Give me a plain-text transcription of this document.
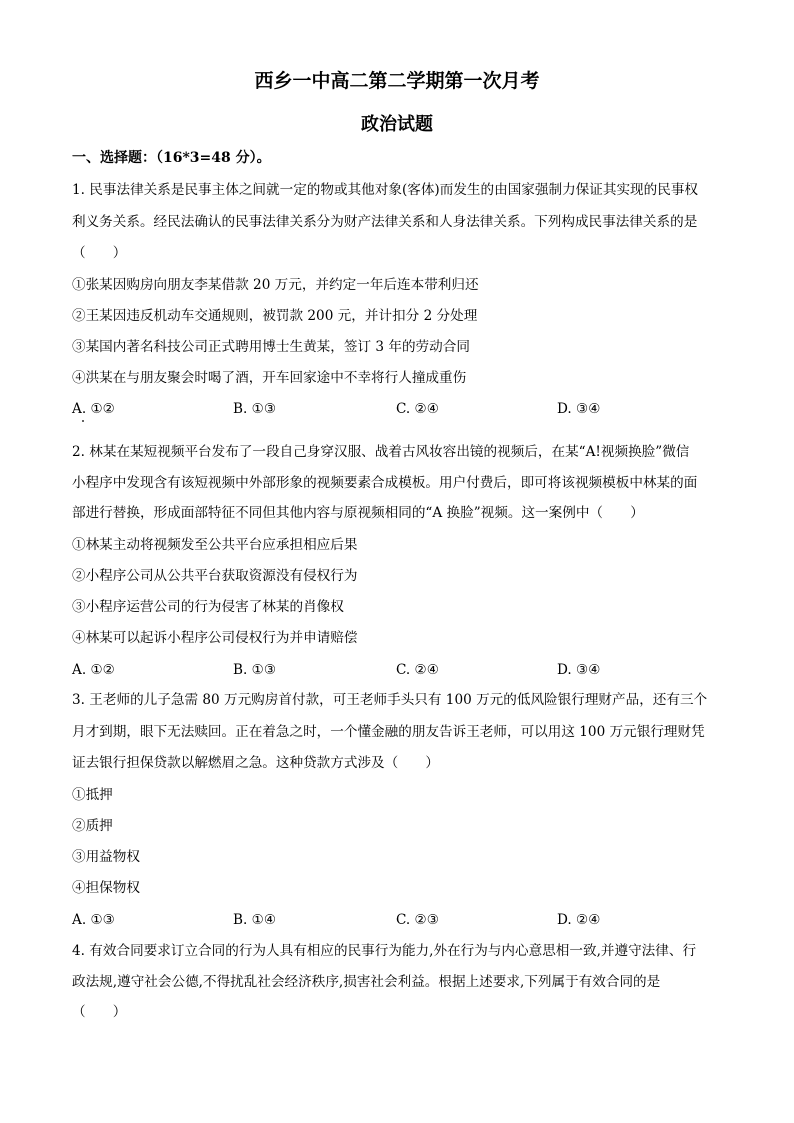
西乡一中高二第二学期第一次月考
政治试题
一、选择题：（16*3=48 分）。
1. 民事法律关系是民事主体之间就一定的物或其他对象(客体)而发生的由国家强制力保证其实现的民事权
利义务关系。经民法确认的民事法律关系分为财产法律关系和人身法律关系。下列构成民事法律关系的是
（　　）
①张某因购房向朋友李某借款 20 万元，并约定一年后连本带利归还
②王某因违反机动车交通规则，被罚款 200 元，并计扣分 2 分处理
③某国内著名科技公司正式聘用博士生黄某，签订 3 年的劳动合同
④洪某在与朋友聚会时喝了酒，开车回家途中不幸将行人撞成重伤
A. ①②	B. ①③	C. ②④	D. ③④
2. 林某在某短视频平台发布了一段自己身穿汉服、战着古风妆容出镜的视频后，在某“A!视频换脸”微信
小程序中发现含有该短视频中外部形象的视频要素合成模板。用户付费后，即可将该视频模板中林某的面
部进行替换，形成面部特征不同但其他内容与原视频相同的“A 换脸”视频。这一案例中（　　）
①林某主动将视频发至公共平台应承担相应后果
②小程序公司从公共平台获取资源没有侵权行为
③小程序运营公司的行为侵害了林某的肖像权
④林某可以起诉小程序公司侵权行为并申请赔偿
A. ①②	B. ①③	C. ②④	D. ③④
3. 王老师的儿子急需 80 万元购房首付款，可王老师手头只有 100 万元的低风险银行理财产品，还有三个
月才到期，眼下无法赎回。正在着急之时，一个懂金融的朋友告诉王老师，可以用这 100 万元银行理财凭
证去银行担保贷款以解燃眉之急。这种贷款方式涉及（　　）
①抵押
②质押
③用益物权
④担保物权
A. ①③	B. ①④	C. ②③	D. ②④
4. 有效合同要求订立合同的行为人具有相应的民事行为能力,外在行为与内心意思相一致,并遵守法律、行
政法规,遵守社会公德,不得扰乱社会经济秩序,损害社会利益。根据上述要求,下列属于有效合同的是
（　　）
